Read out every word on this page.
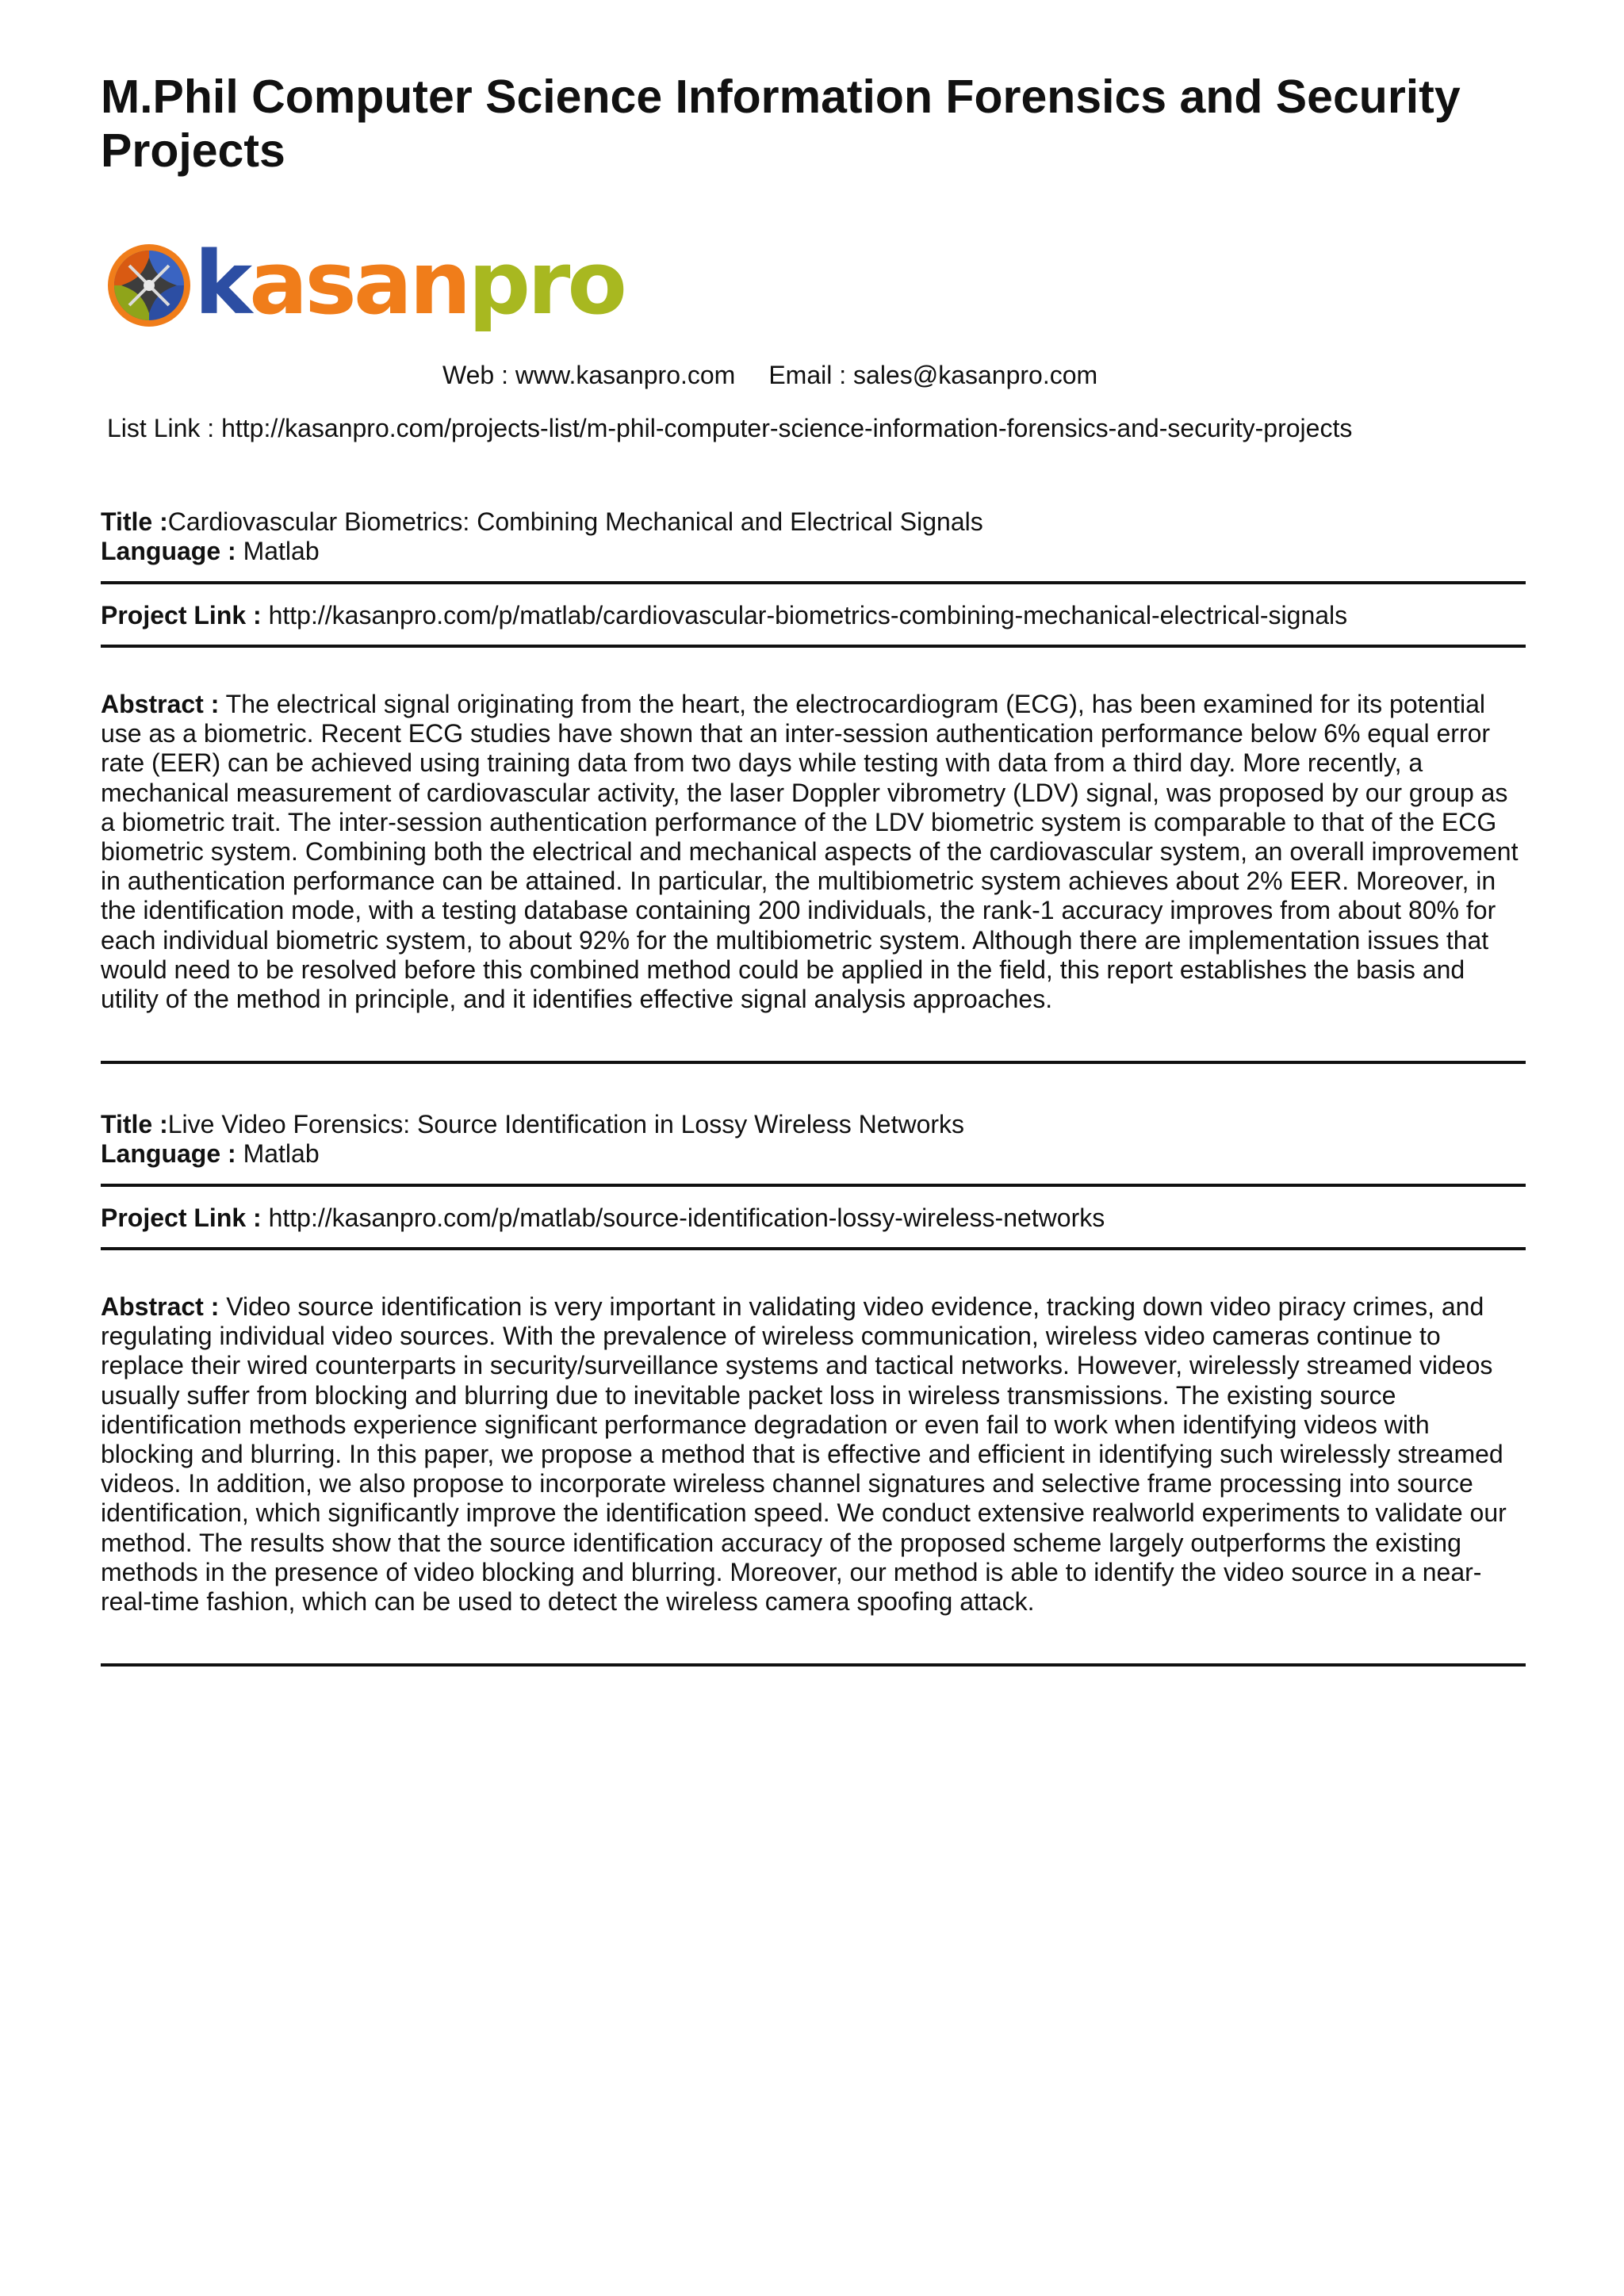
M.Phil Computer Science Information Forensics and Security Projects
kasanpro
Web : www.kasanpro.com Email : sales@kasanpro.com
List Link : http://kasanpro.com/projects-list/m-phil-computer-science-information-forensics-and-security-projects
Title :Cardiovascular Biometrics: Combining Mechanical and Electrical Signals
Language : Matlab
Project Link : http://kasanpro.com/p/matlab/cardiovascular-biometrics-combining-mechanical-electrical-signals

Abstract : The electrical signal originating from the heart, the electrocardiogram (ECG), has been examined for its potential use as a biometric. Recent ECG studies have shown that an inter-session authentication performance below 6% equal error rate (EER) can be achieved using training data from two days while testing with data from a third day. More recently, a mechanical measurement of cardiovascular activity, the laser Doppler vibrometry (LDV) signal, was proposed by our group as a biometric trait. The inter-session authentication performance of the LDV biometric system is comparable to that of the ECG biometric system. Combining both the electrical and mechanical aspects of the cardiovascular system, an overall improvement in authentication performance can be attained. In particular, the multibiometric system achieves about 2% EER. Moreover, in the identification mode, with a testing database containing 200 individuals, the rank-1 accuracy improves from about 80% for each individual biometric system, to about 92% for the multibiometric system. Although there are implementation issues that would need to be resolved before this combined method could be applied in the field, this report establishes the basis and utility of the method in principle, and it identifies effective signal analysis approaches.

Title :Live Video Forensics: Source Identification in Lossy Wireless Networks
Language : Matlab
Project Link : http://kasanpro.com/p/matlab/source-identification-lossy-wireless-networks

Abstract : Video source identification is very important in validating video evidence, tracking down video piracy crimes, and regulating individual video sources. With the prevalence of wireless communication, wireless video cameras continue to replace their wired counterparts in security/surveillance systems and tactical networks. However, wirelessly streamed videos usually suffer from blocking and blurring due to inevitable packet loss in wireless transmissions. The existing source identification methods experience significant performance degradation or even fail to work when identifying videos with blocking and blurring. In this paper, we propose a method that is effective and efficient in identifying such wirelessly streamed videos. In addition, we also propose to incorporate wireless channel signatures and selective frame processing into source identification, which significantly improve the identification speed. We conduct extensive realworld experiments to validate our method. The results show that the source identification accuracy of the proposed scheme largely outperforms the existing methods in the presence of video blocking and blurring. Moreover, our method is able to identify the video source in a near-real-time fashion, which can be used to detect the wireless camera spoofing attack.
